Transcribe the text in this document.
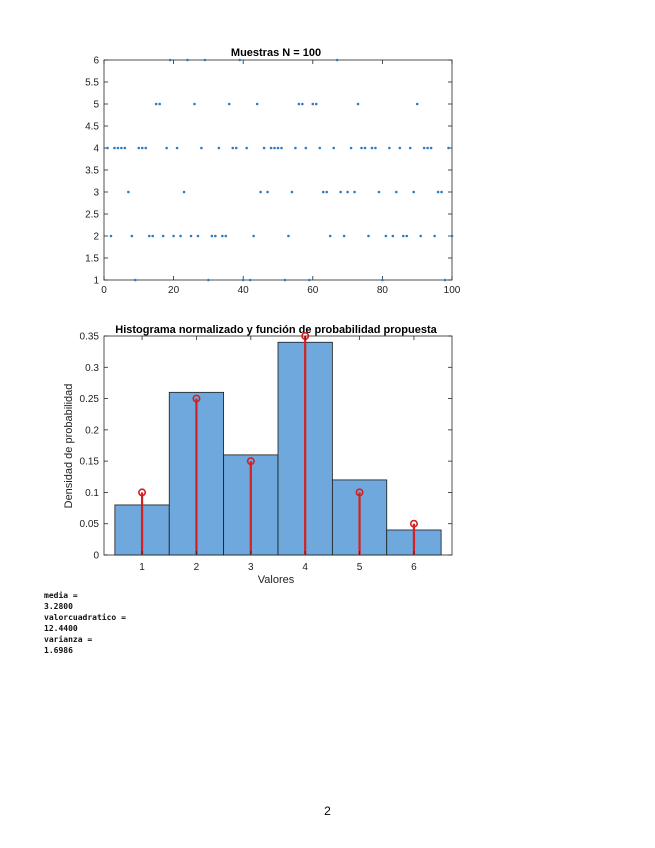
Muestras N = 100
1
1.5
2
2.5
3
3.5
4
4.5
5
5.5
6
0	20	40	60	80	100
Histograma normalizado y función de probabilidad propuesta
0
0.05
0.1
0.15
0.2
0.25
0.3
0.35
1	2	3	4	5	6
Valores
Densidad de probabilidad
media =
3.2800
valorcuadratico =
12.4400
varianza =
1.6986
2
